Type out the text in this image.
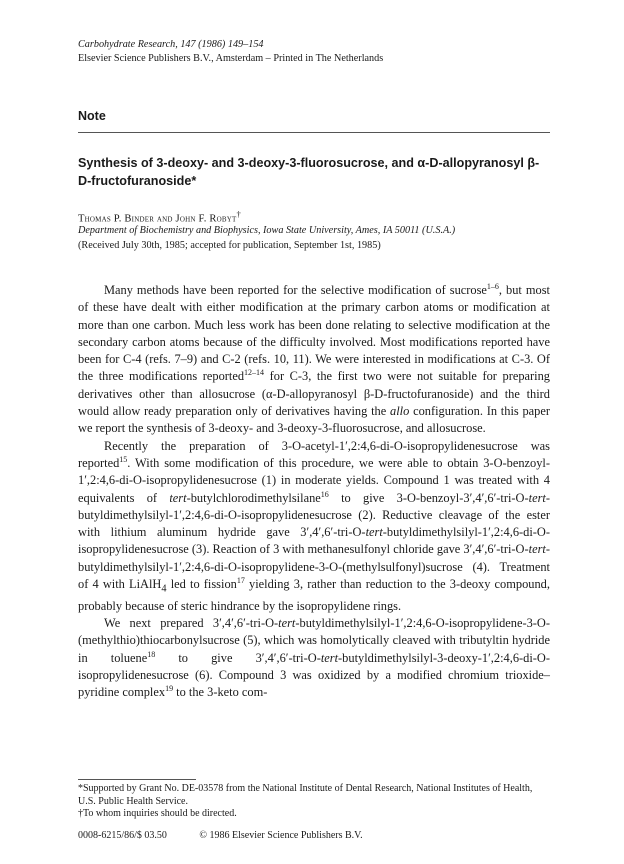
Carbohydrate Research, 147 (1986) 149–154
Elsevier Science Publishers B.V., Amsterdam – Printed in The Netherlands
Note
Synthesis of 3-deoxy- and 3-deoxy-3-fluorosucrose, and α-D-allopyranosyl β-D-fructofuranoside*
Thomas P. Binder and John F. Robyt†
Department of Biochemistry and Biophysics, Iowa State University, Ames, IA 50011 (U.S.A.)
(Received July 30th, 1985; accepted for publication, September 1st, 1985)

Many methods have been reported for the selective modification of sucrose$^{1-6}$, but most of these have dealt with either modification at the primary carbon atoms or modification at more than one carbon. Much less work has been done relating to selective modification at the secondary carbon atoms because of the difficulty involved. Most modifications reported have been for C-4 (refs. 7–9) and C-2 (refs. 10, 11). We were interested in modifications at C-3. Of the three modifications reported$^{12-14}$ for C-3, the first two were not suitable for preparing derivatives other than allosucrose (α-D-allopyranosyl β-D-fructofuranoside) and the third would allow ready preparation only of derivatives having the allo configuration. In this paper we report the synthesis of 3-deoxy- and 3-deoxy-3-fluorosucrose, and allosucrose.

Recently the preparation of 3-O-acetyl-1′,2:4,6-di-O-isopropylidenesucrose was reported$^{15}$. With some modification of this procedure, we were able to obtain 3-O-benzoyl-1′,2:4,6-di-O-isopropylidenesucrose (1) in moderate yields. Compound 1 was treated with 4 equivalents of tert-butylchlorodimethylsilane$^{16}$ to give 3-O-benzoyl-3′,4′,6′-tri-O-tert-butyldimethylsilyl-1′,2:4,6-di-O-isopropylidenesucrose (2). Reductive cleavage of the ester with lithium aluminum hydride gave 3′,4′,6′-tri-O-tert-butyldimethylsilyl-1′,2:4,6-di-O-isopropylidenesucrose (3). Reaction of 3 with methanesulfonyl chloride gave 3′,4′,6′-tri-O-tert-butyldimethylsilyl-1′,2:4,6-di-O-isopropylidene-3-O-(methylsulfonyl)sucrose (4). Treatment of 4 with LiAlH$_4$ led to fission$^{17}$ yielding 3, rather than reduction to the 3-deoxy compound, probably because of steric hindrance by the isopropylidene rings.

We next prepared 3′,4′,6′-tri-O-tert-butyldimethylsilyl-1′,2:4,6-O-isopropylidene-3-O-(methylthio)thiocarbonylsucrose (5), which was homolytically cleaved with tributyltin hydride in toluene$^{18}$ to give 3′,4′,6′-tri-O-tert-butyldimethylsilyl-3-deoxy-1′,2:4,6-di-O-isopropylidenesucrose (6). Compound 3 was oxidized by a modified chromium trioxide–pyridine complex$^{19}$ to the 3-keto com-

*Supported by Grant No. DE-03578 from the National Institute of Dental Research, National Institutes of Health, U.S. Public Health Service.
†To whom inquiries should be directed.
0008-6215/86/$ 03.50	© 1986 Elsevier Science Publishers B.V.
